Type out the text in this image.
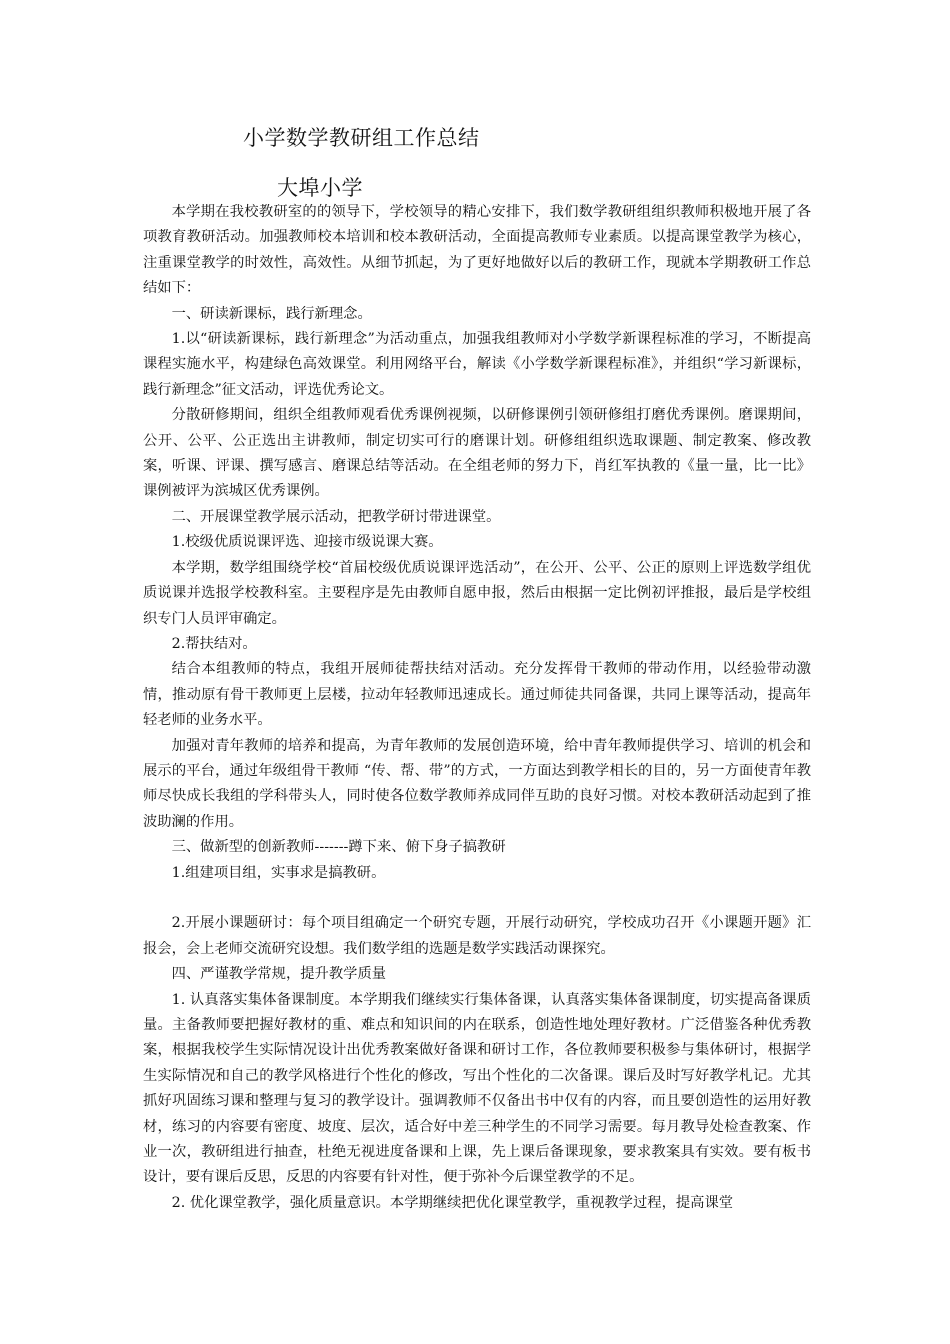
小学数学教研组工作总结
大埠小学

本学期在我校教研室的的领导下，学校领导的精心安排下，我们数学教研组组织教师积极地开展了各项教育教研活动。加强教师校本培训和校本教研活动，全面提高教师专业素质。以提高课堂教学为核心，注重课堂教学的时效性，高效性。从细节抓起，为了更好地做好以后的教研工作，现就本学期教研工作总结如下：

一、研读新课标，践行新理念。

1.以“研读新课标，践行新理念”为活动重点，加强我组教师对小学数学新课程标准的学习，不断提高课程实施水平，构建绿色高效课堂。利用网络平台，解读《小学数学新课程标准》，并组织“学习新课标，践行新理念”征文活动，评选优秀论文。

分散研修期间，组织全组教师观看优秀课例视频，以研修课例引领研修组打磨优秀课例。磨课期间，公开、公平、公正选出主讲教师，制定切实可行的磨课计划。研修组组织选取课题、制定教案、修改教案，听课、评课、撰写感言、磨课总结等活动。在全组老师的努力下，肖红军执教的《量一量，比一比》课例被评为滨城区优秀课例。

二、开展课堂教学展示活动，把教学研讨带进课堂。

1.校级优质说课评选、迎接市级说课大赛。

本学期，数学组围绕学校“首届校级优质说课评选活动”，在公开、公平、公正的原则上评选数学组优质说课并选报学校教科室。主要程序是先由教师自愿申报，然后由根据一定比例初评推报，最后是学校组织专门人员评审确定。

2.帮扶结对。

结合本组教师的特点，我组开展师徒帮扶结对活动。充分发挥骨干教师的带动作用，以经验带动激情，推动原有骨干教师更上层楼，拉动年轻教师迅速成长。通过师徒共同备课，共同上课等活动，提高年轻老师的业务水平。

加强对青年教师的培养和提高，为青年教师的发展创造环境，给中青年教师提供学习、培训的机会和展示的平台，通过年级组骨干教师 “传、帮、带”的方式，一方面达到教学相长的目的，另一方面使青年教师尽快成长我组的学科带头人，同时使各位数学教师养成同伴互助的良好习惯。对校本教研活动起到了推波助澜的作用。

三、做新型的创新教师-------蹲下来、俯下身子搞教研

1.组建项目组，实事求是搞教研。

2.开展小课题研讨：每个项目组确定一个研究专题，开展行动研究，学校成功召开《小课题开题》汇报会，会上老师交流研究设想。我们数学组的选题是数学实践活动课探究。

四、严谨教学常规，提升教学质量

1. 认真落实集体备课制度。本学期我们继续实行集体备课，认真落实集体备课制度，切实提高备课质量。主备教师要把握好教材的重、难点和知识间的内在联系，创造性地处理好教材。广泛借鉴各种优秀教案，根据我校学生实际情况设计出优秀教案做好备课和研讨工作，各位教师要积极参与集体研讨，根据学生实际情况和自己的教学风格进行个性化的修改，写出个性化的二次备课。课后及时写好教学札记。尤其抓好巩固练习课和整理与复习的教学设计。强调教师不仅备出书中仅有的内容，而且要创造性的运用好教材，练习的内容要有密度、坡度、层次，适合好中差三种学生的不同学习需要。每月教导处检查教案、作业一次，教研组进行抽查，杜绝无视进度备课和上课，先上课后备课现象，要求教案具有实效。要有板书设计，要有课后反思，反思的内容要有针对性，便于弥补今后课堂教学的不足。

2. 优化课堂教学，强化质量意识。本学期继续把优化课堂教学，重视教学过程，提高课堂
